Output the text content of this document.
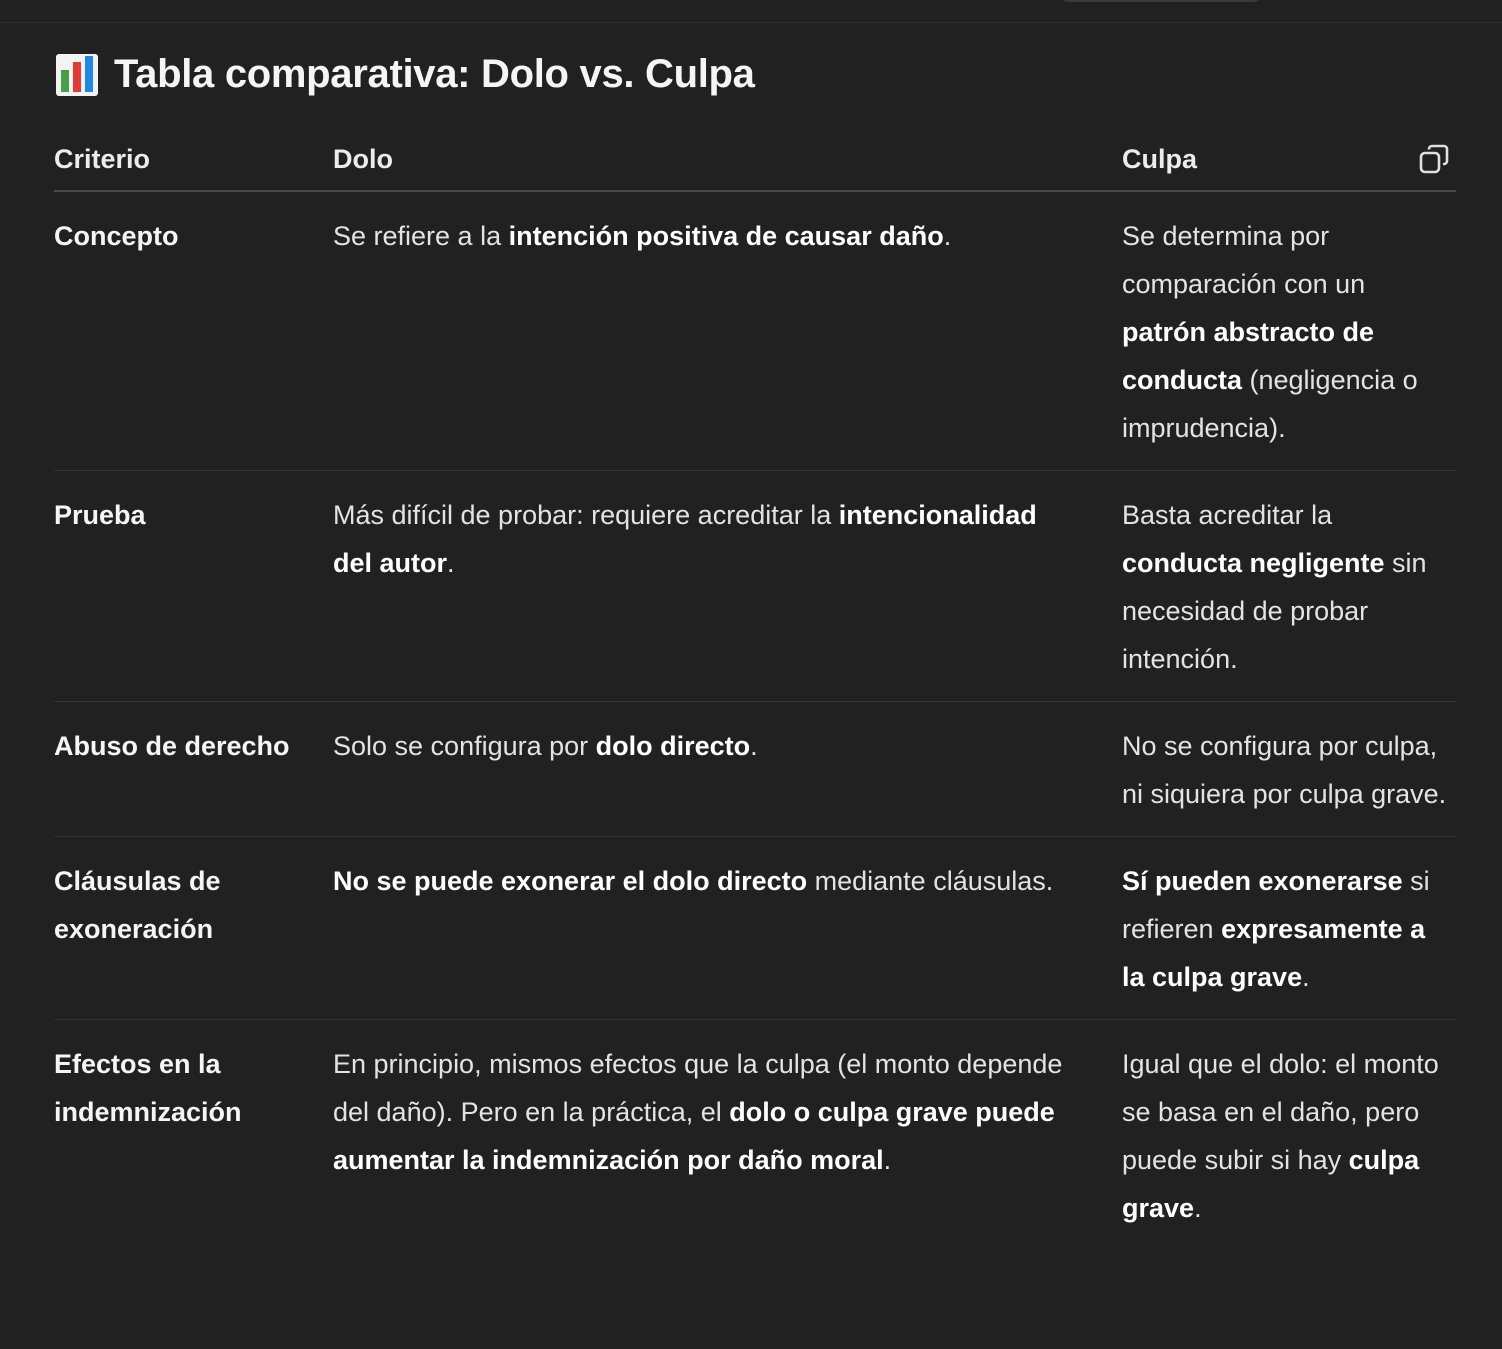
Tabla comparativa: Dolo vs. Culpa
Criterio	Dolo	Culpa

Concepto	Se refiere a la intención positiva de causar daño.	Se determina por comparación con un patrón abstracto de conducta (negligencia o imprudencia).
Prueba	Más difícil de probar: requiere acreditar la intencionalidad del autor.	Basta acreditar la conducta negligente sin necesidad de probar intención.
Abuso de derecho	Solo se configura por dolo directo.	No se configura por culpa, ni siquiera por culpa grave.
Cláusulas de exoneración	No se puede exonerar el dolo directo mediante cláusulas.	Sí pueden exonerarse si refieren expresamente a la culpa grave.
Efectos en la indemnización	En principio, mismos efectos que la culpa (el monto depende del daño). Pero en la práctica, el dolo o culpa grave puede aumentar la indemnización por daño moral.	Igual que el dolo: el monto se basa en el daño, pero puede subir si hay culpa grave.
